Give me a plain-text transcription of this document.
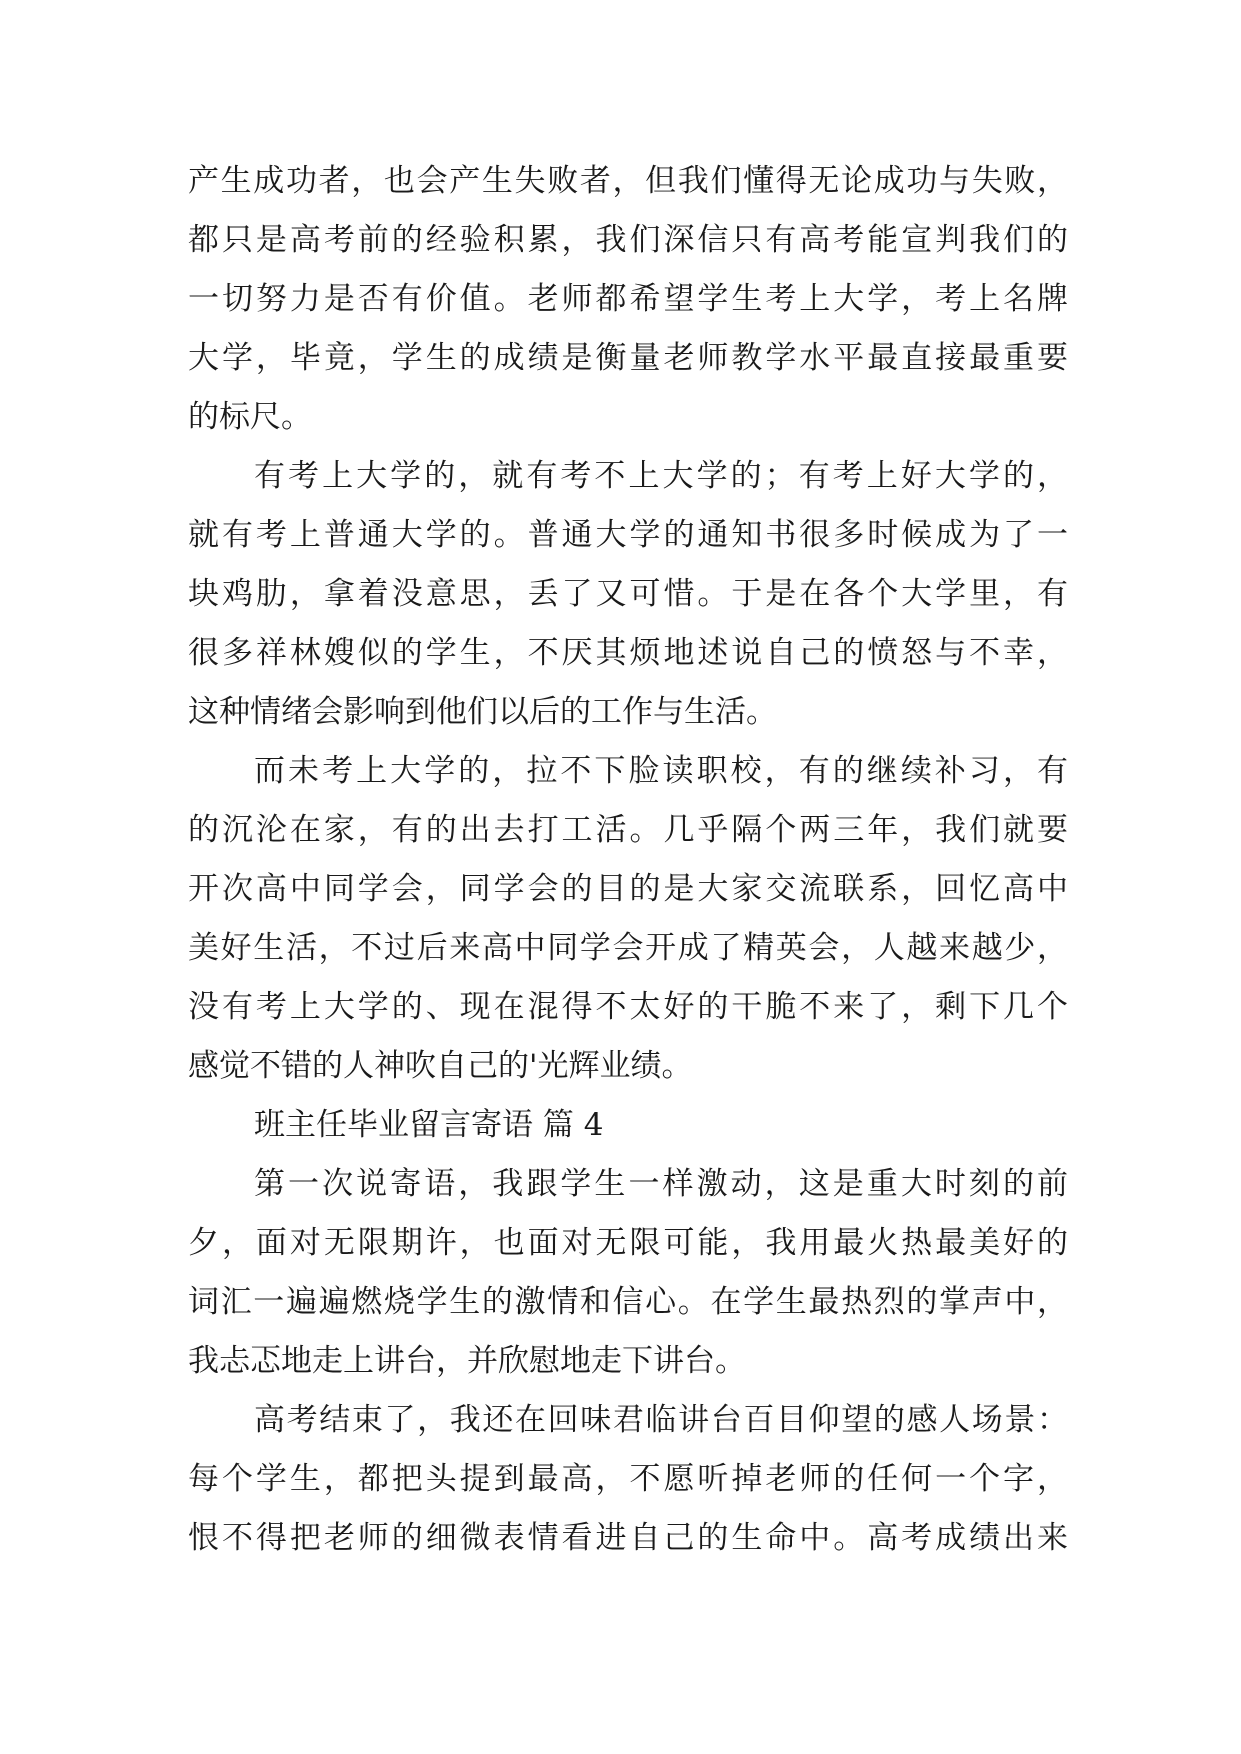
产生成功者，也会产生失败者，但我们懂得无论成功与失败，
都只是高考前的经验积累，我们深信只有高考能宣判我们的
一切努力是否有价值。老师都希望学生考上大学，考上名牌
大学，毕竟，学生的成绩是衡量老师教学水平最直接最重要
的标尺。
有考上大学的，就有考不上大学的；有考上好大学的，
就有考上普通大学的。普通大学的通知书很多时候成为了一
块鸡肋，拿着没意思，丢了又可惜。于是在各个大学里，有
很多祥林嫂似的学生，不厌其烦地述说自己的愤怒与不幸，
这种情绪会影响到他们以后的工作与生活。
而未考上大学的，拉不下脸读职校，有的继续补习，有
的沉沦在家，有的出去打工活。几乎隔个两三年，我们就要
开次高中同学会，同学会的目的是大家交流联系，回忆高中
美好生活，不过后来高中同学会开成了精英会，人越来越少，
没有考上大学的、现在混得不太好的干脆不来了，剩下几个
感觉不错的人神吹自己的'光辉业绩。
班主任毕业留言寄语 篇 4
第一次说寄语，我跟学生一样激动，这是重大时刻的前
夕，面对无限期许，也面对无限可能，我用最火热最美好的
词汇一遍遍燃烧学生的激情和信心。在学生最热烈的掌声中，
我忐忑地走上讲台，并欣慰地走下讲台。
高考结束了，我还在回味君临讲台百目仰望的感人场景：
每个学生，都把头提到最高，不愿听掉老师的任何一个字，
恨不得把老师的细微表情看进自己的生命中。高考成绩出来
